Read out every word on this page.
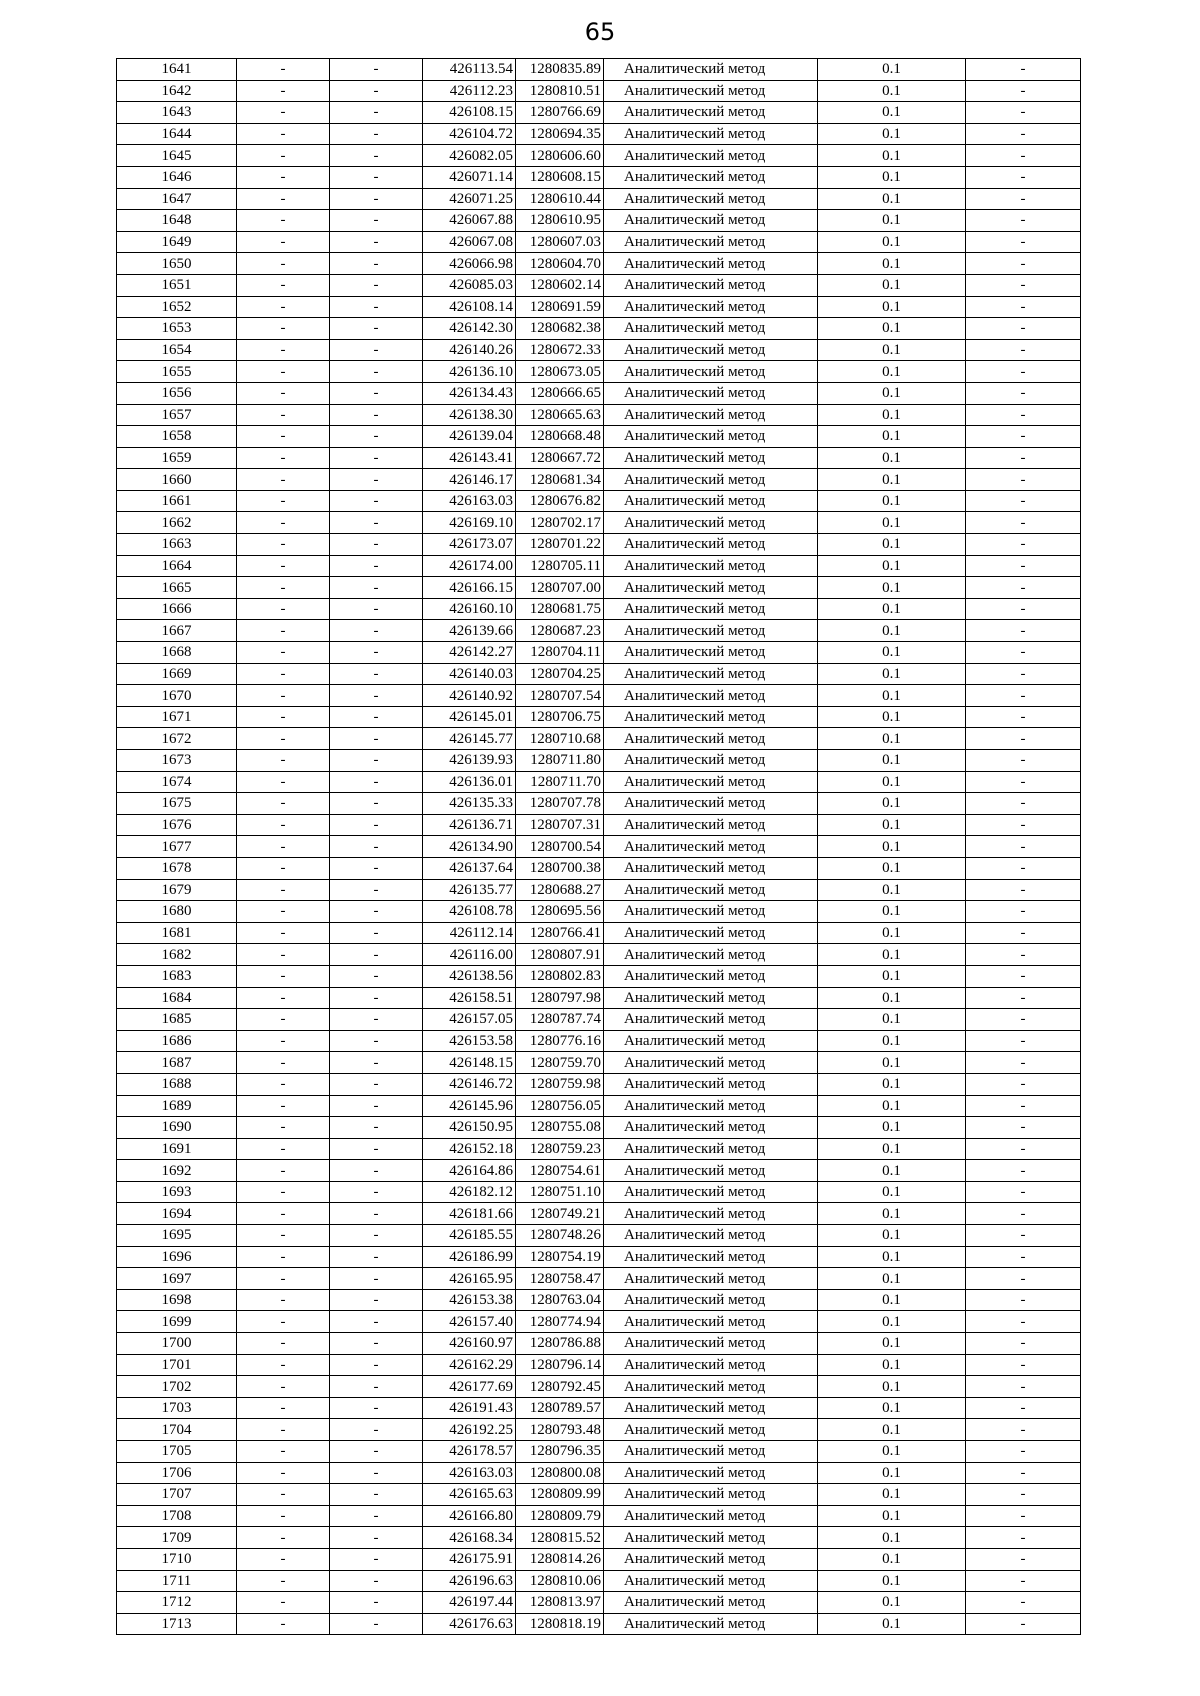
65
1641	-	-	426113.54	1280835.89	Аналитический метод	0.1	-
1642	-	-	426112.23	1280810.51	Аналитический метод	0.1	-
1643	-	-	426108.15	1280766.69	Аналитический метод	0.1	-
1644	-	-	426104.72	1280694.35	Аналитический метод	0.1	-
1645	-	-	426082.05	1280606.60	Аналитический метод	0.1	-
1646	-	-	426071.14	1280608.15	Аналитический метод	0.1	-
1647	-	-	426071.25	1280610.44	Аналитический метод	0.1	-
1648	-	-	426067.88	1280610.95	Аналитический метод	0.1	-
1649	-	-	426067.08	1280607.03	Аналитический метод	0.1	-
1650	-	-	426066.98	1280604.70	Аналитический метод	0.1	-
1651	-	-	426085.03	1280602.14	Аналитический метод	0.1	-
1652	-	-	426108.14	1280691.59	Аналитический метод	0.1	-
1653	-	-	426142.30	1280682.38	Аналитический метод	0.1	-
1654	-	-	426140.26	1280672.33	Аналитический метод	0.1	-
1655	-	-	426136.10	1280673.05	Аналитический метод	0.1	-
1656	-	-	426134.43	1280666.65	Аналитический метод	0.1	-
1657	-	-	426138.30	1280665.63	Аналитический метод	0.1	-
1658	-	-	426139.04	1280668.48	Аналитический метод	0.1	-
1659	-	-	426143.41	1280667.72	Аналитический метод	0.1	-
1660	-	-	426146.17	1280681.34	Аналитический метод	0.1	-
1661	-	-	426163.03	1280676.82	Аналитический метод	0.1	-
1662	-	-	426169.10	1280702.17	Аналитический метод	0.1	-
1663	-	-	426173.07	1280701.22	Аналитический метод	0.1	-
1664	-	-	426174.00	1280705.11	Аналитический метод	0.1	-
1665	-	-	426166.15	1280707.00	Аналитический метод	0.1	-
1666	-	-	426160.10	1280681.75	Аналитический метод	0.1	-
1667	-	-	426139.66	1280687.23	Аналитический метод	0.1	-
1668	-	-	426142.27	1280704.11	Аналитический метод	0.1	-
1669	-	-	426140.03	1280704.25	Аналитический метод	0.1	-
1670	-	-	426140.92	1280707.54	Аналитический метод	0.1	-
1671	-	-	426145.01	1280706.75	Аналитический метод	0.1	-
1672	-	-	426145.77	1280710.68	Аналитический метод	0.1	-
1673	-	-	426139.93	1280711.80	Аналитический метод	0.1	-
1674	-	-	426136.01	1280711.70	Аналитический метод	0.1	-
1675	-	-	426135.33	1280707.78	Аналитический метод	0.1	-
1676	-	-	426136.71	1280707.31	Аналитический метод	0.1	-
1677	-	-	426134.90	1280700.54	Аналитический метод	0.1	-
1678	-	-	426137.64	1280700.38	Аналитический метод	0.1	-
1679	-	-	426135.77	1280688.27	Аналитический метод	0.1	-
1680	-	-	426108.78	1280695.56	Аналитический метод	0.1	-
1681	-	-	426112.14	1280766.41	Аналитический метод	0.1	-
1682	-	-	426116.00	1280807.91	Аналитический метод	0.1	-
1683	-	-	426138.56	1280802.83	Аналитический метод	0.1	-
1684	-	-	426158.51	1280797.98	Аналитический метод	0.1	-
1685	-	-	426157.05	1280787.74	Аналитический метод	0.1	-
1686	-	-	426153.58	1280776.16	Аналитический метод	0.1	-
1687	-	-	426148.15	1280759.70	Аналитический метод	0.1	-
1688	-	-	426146.72	1280759.98	Аналитический метод	0.1	-
1689	-	-	426145.96	1280756.05	Аналитический метод	0.1	-
1690	-	-	426150.95	1280755.08	Аналитический метод	0.1	-
1691	-	-	426152.18	1280759.23	Аналитический метод	0.1	-
1692	-	-	426164.86	1280754.61	Аналитический метод	0.1	-
1693	-	-	426182.12	1280751.10	Аналитический метод	0.1	-
1694	-	-	426181.66	1280749.21	Аналитический метод	0.1	-
1695	-	-	426185.55	1280748.26	Аналитический метод	0.1	-
1696	-	-	426186.99	1280754.19	Аналитический метод	0.1	-
1697	-	-	426165.95	1280758.47	Аналитический метод	0.1	-
1698	-	-	426153.38	1280763.04	Аналитический метод	0.1	-
1699	-	-	426157.40	1280774.94	Аналитический метод	0.1	-
1700	-	-	426160.97	1280786.88	Аналитический метод	0.1	-
1701	-	-	426162.29	1280796.14	Аналитический метод	0.1	-
1702	-	-	426177.69	1280792.45	Аналитический метод	0.1	-
1703	-	-	426191.43	1280789.57	Аналитический метод	0.1	-
1704	-	-	426192.25	1280793.48	Аналитический метод	0.1	-
1705	-	-	426178.57	1280796.35	Аналитический метод	0.1	-
1706	-	-	426163.03	1280800.08	Аналитический метод	0.1	-
1707	-	-	426165.63	1280809.99	Аналитический метод	0.1	-
1708	-	-	426166.80	1280809.79	Аналитический метод	0.1	-
1709	-	-	426168.34	1280815.52	Аналитический метод	0.1	-
1710	-	-	426175.91	1280814.26	Аналитический метод	0.1	-
1711	-	-	426196.63	1280810.06	Аналитический метод	0.1	-
1712	-	-	426197.44	1280813.97	Аналитический метод	0.1	-
1713	-	-	426176.63	1280818.19	Аналитический метод	0.1	-
